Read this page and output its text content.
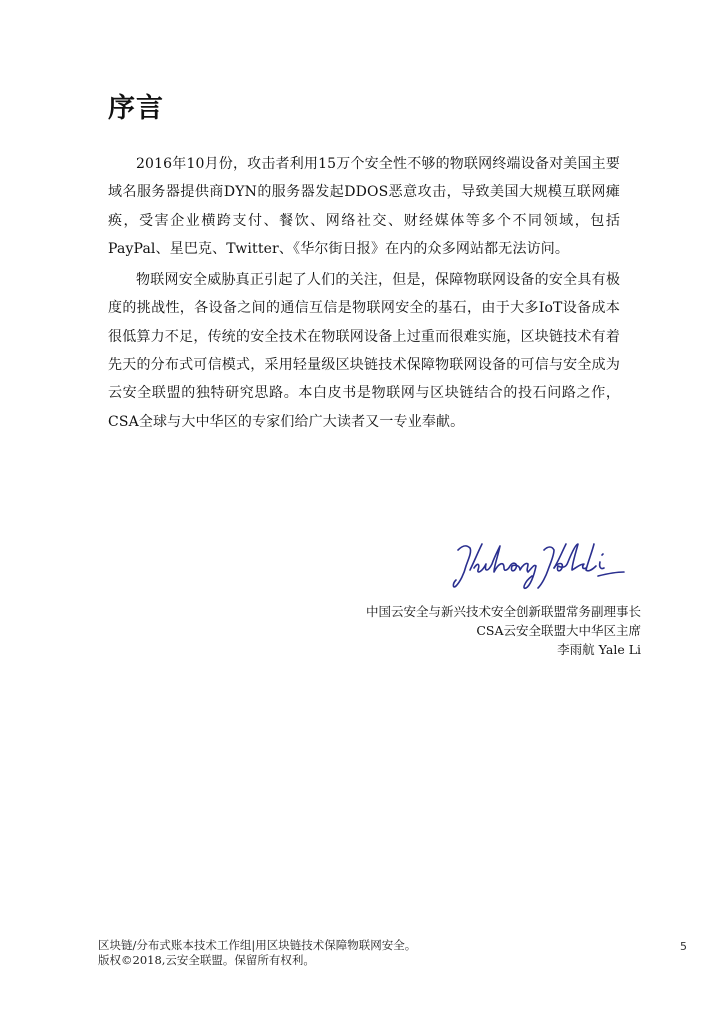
序言

2016年10月份，攻击者利用15万个安全性不够的物联网终端设备对美国主要域名服务器提供商DYN的服务器发起DDOS恶意攻击，导致美国大规模互联网瘫痪，受害企业横跨支付、餐饮、网络社交、财经媒体等多个不同领域，包括PayPal、星巴克、Twitter、《华尔街日报》在内的众多网站都无法访问。

物联网安全威胁真正引起了人们的关注，但是，保障物联网设备的安全具有极度的挑战性，各设备之间的通信互信是物联网安全的基石，由于大多IoT设备成本很低算力不足，传统的安全技术在物联网设备上过重而很难实施，区块链技术有着先天的分布式可信模式，采用轻量级区块链技术保障物联网设备的可信与安全成为云安全联盟的独特研究思路。本白皮书是物联网与区块链结合的投石问路之作，CSA全球与大中华区的专家们给广大读者又一专业奉献。

中国云安全与新兴技术安全创新联盟常务副理事长
CSA云安全联盟大中华区主席
李雨航 Yale Li
区块链/分布式账本技术工作组|用区块链技术保障物联网安全。
版权©2018,云安全联盟。保留所有权利。
5
